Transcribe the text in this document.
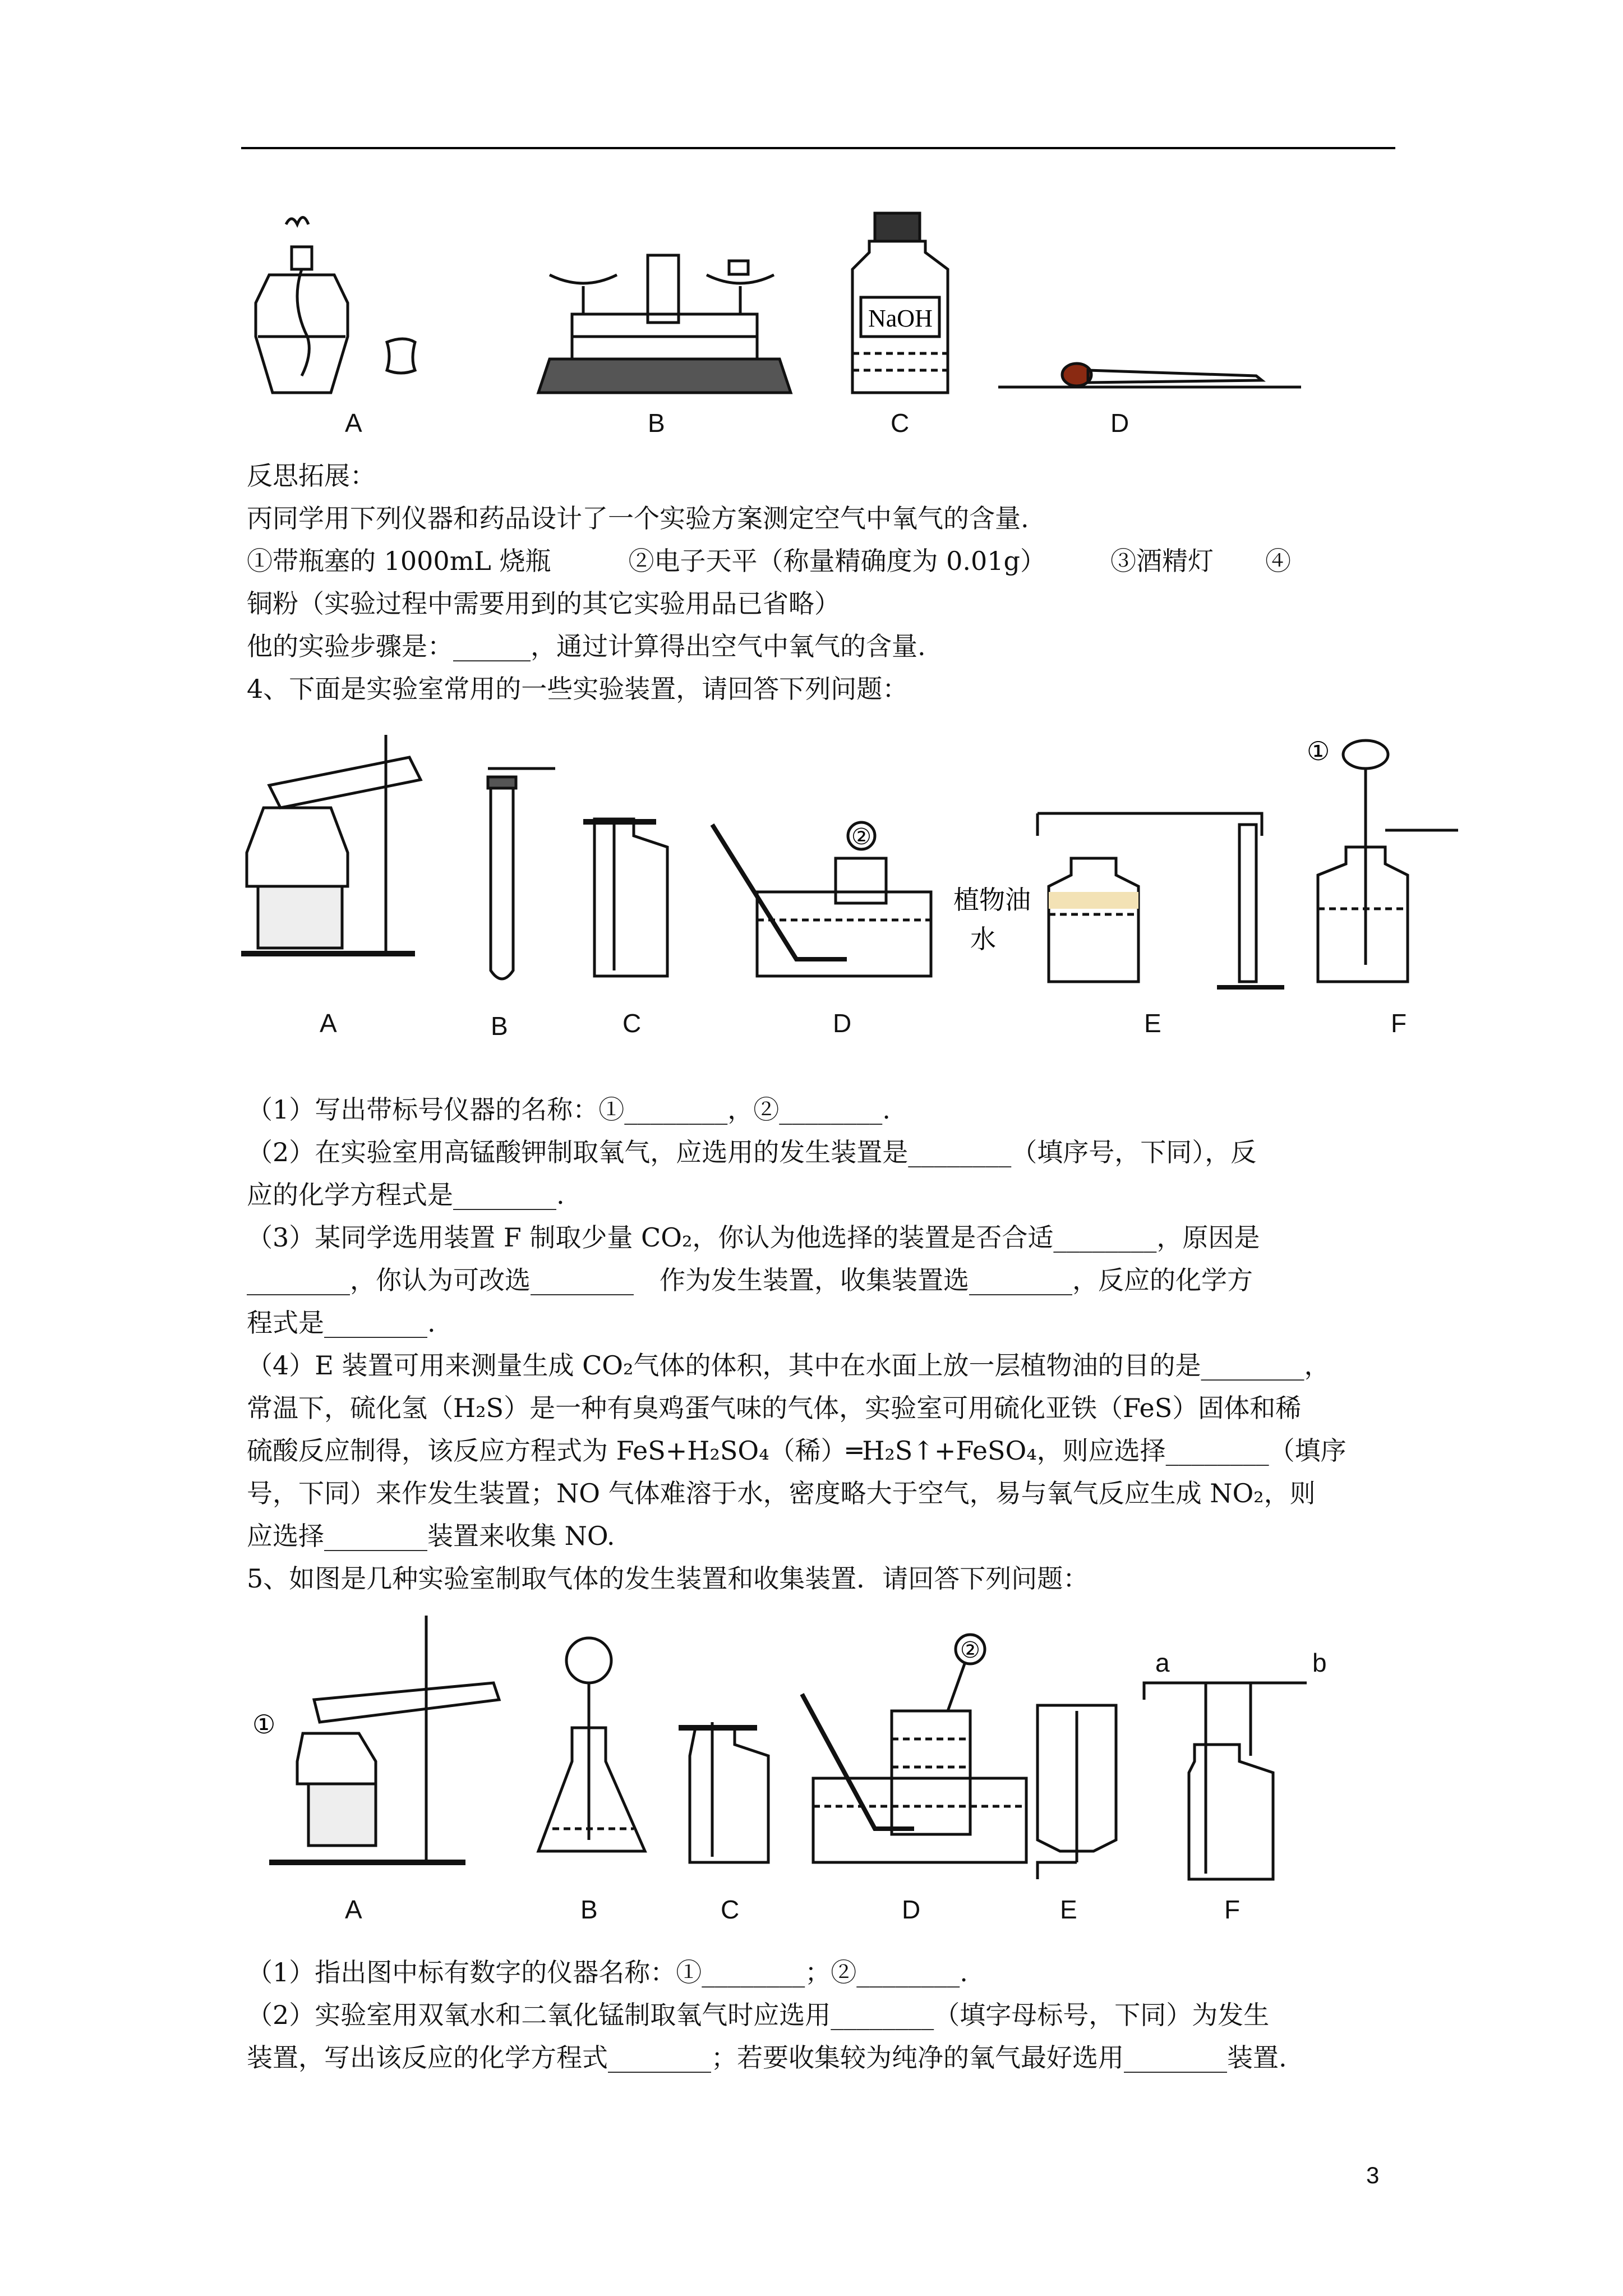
A	B
NaOH
C	D
反思拓展：
丙同学用下列仪器和药品设计了一个实验方案测定空气中氧气的含量.
①带瓶塞的 1000mL 烧瓶　　　②电子天平（称量精确度为 0.01g）　　　③酒精灯　　④
铜粉（实验过程中需要用到的其它实验用品已省略）
他的实验步骤是：______，通过计算得出空气中氧气的含量.
4、下面是实验室常用的一些实验装置，请回答下列问题：
植物油
水
①
②
A	B	C	D	E	F
（1）写出带标号仪器的名称：①________，②________.
（2）在实验室用高锰酸钾制取氧气，应选用的发生装置是________（填序号，下同），反
应的化学方程式是________.
（3）某同学选用装置 F 制取少量 CO₂，你认为他选择的装置是否合适________，原因是
________，你认为可改选________　作为发生装置，收集装置选________，反应的化学方
程式是________.
（4）E 装置可用来测量生成 CO₂气体的体积，其中在水面上放一层植物油的目的是________，
常温下，硫化氢（H₂S）是一种有臭鸡蛋气味的气体，实验室可用硫化亚铁（FeS）固体和稀
硫酸反应制得，该反应方程式为 FeS+H₂SO₄（稀）═H₂S↑+FeSO₄，则应选择________（填序
号，下同）来作发生装置；NO 气体难溶于水，密度略大于空气，易与氧气反应生成 NO₂，则
应选择________装置来收集 NO.
5、如图是几种实验室制取气体的发生装置和收集装置．请回答下列问题：
①
②	a	b
A	B	C	D	E	F
（1）指出图中标有数字的仪器名称：①________；②________.
（2）实验室用双氧水和二氧化锰制取氧气时应选用________（填字母标号，下同）为发生
装置，写出该反应的化学方程式________；若要收集较为纯净的氧气最好选用________装置.
3
